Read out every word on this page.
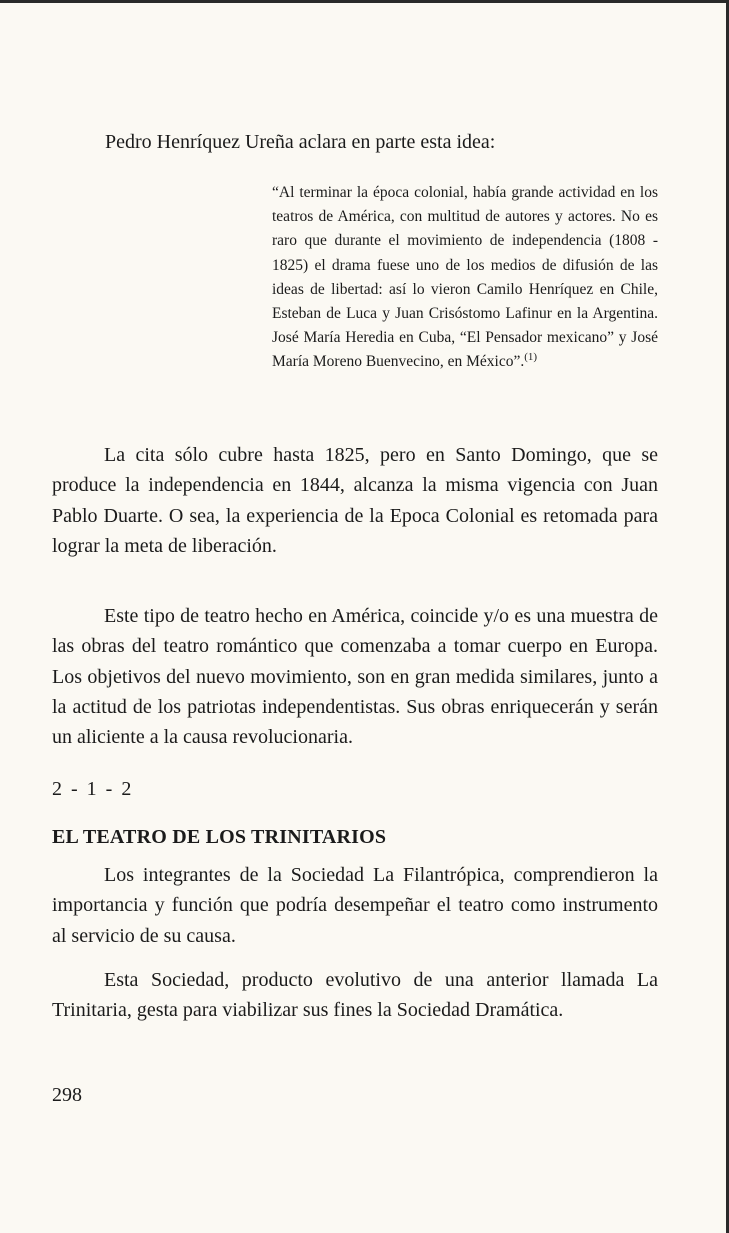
Pedro Henríquez Ureña aclara en parte esta idea:

“Al terminar la época colonial, había grande actividad en los teatros de América, con multitud de autores y actores. No es raro que durante el movimiento de independencia (1808 - 1825) el drama fuese uno de los medios de difusión de las ideas de libertad: así lo vieron Camilo Henríquez en Chile, Esteban de Luca y Juan Crisóstomo Lafinur en la Argentina. José María Heredia en Cuba, “El Pensador mexicano” y José María Moreno Buenvecino, en México”.$^{(1)}$

La cita sólo cubre hasta 1825, pero en Santo Domingo, que se produce la independencia en 1844, alcanza la misma vigencia con Juan Pablo Duarte. O sea, la experiencia de la Epoca Colonial es retomada para lograr la meta de liberación.

Este tipo de teatro hecho en América, coincide y/o es una muestra de las obras del teatro romántico que comenzaba a tomar cuerpo en Europa. Los objetivos del nuevo movimiento, son en gran medida similares, junto a la actitud de los patriotas independentistas. Sus obras enriquecerán y serán un aliciente a la causa revolucionaria.

2 - 1 - 2
EL TEATRO DE LOS TRINITARIOS

Los integrantes de la Sociedad La Filantrópica, comprendieron la importancia y función que podría desempeñar el teatro como instrumento al servicio de su causa.

Esta Sociedad, producto evolutivo de una anterior llamada La Trinitaria, gesta para viabilizar sus fines la Sociedad Dramática.

298
